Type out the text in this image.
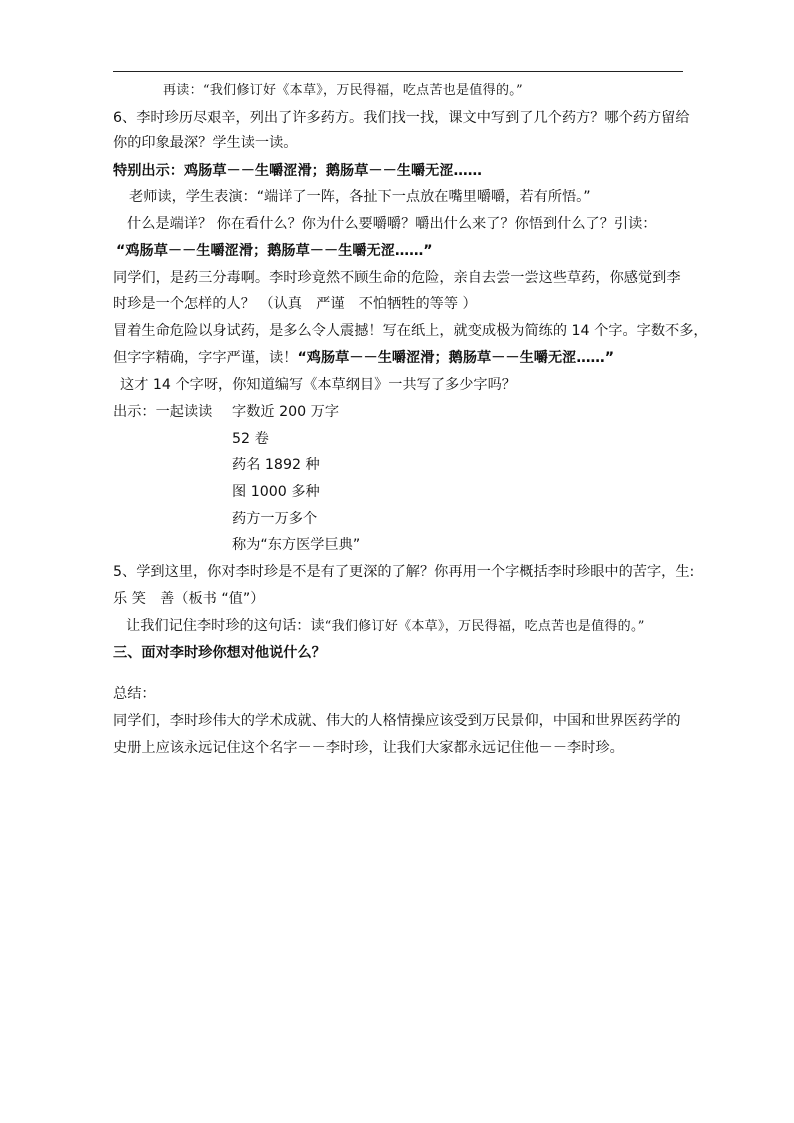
再读：“我们修订好《本草》，万民得福，吃点苦也是值得的。”
6、李时珍历尽艰辛，列出了许多药方。我们找一找，课文中写到了几个药方？哪个药方留给
你的印象最深？学生读一读。
特别出示：鸡肠草－－生嚼涩滑；鹅肠草－－生嚼无涩……
老师读，学生表演：“端详了一阵，各扯下一点放在嘴里嚼嚼，若有所悟。”
什么是端详？ 你在看什么？你为什么要嚼嚼？嚼出什么来了？你悟到什么了？引读：
“鸡肠草－－生嚼涩滑；鹅肠草－－生嚼无涩……”
同学们，是药三分毒啊。李时珍竟然不顾生命的危险，亲自去尝一尝这些草药，你感觉到李
时珍是一个怎样的人？ （认真　严谨　不怕牺牲的等等 ）
冒着生命危险以身试药，是多么令人震撼！写在纸上，就变成极为简练的 14 个字。字数不多，
但字字精确，字字严谨，读！“鸡肠草－－生嚼涩滑；鹅肠草－－生嚼无涩……”
这才 14 个字呀，你知道编写《本草纲目》一共写了多少字吗？
出示：一起读读 字数近 200 万字
52 卷
药名 1892 种
图 1000 多种
药方一万多个
称为“东方医学巨典”
5、学到这里，你对李时珍是不是有了更深的了解？你再用一个字概括李时珍眼中的苦字，生:
乐 笑　善（板书 “值”）
让我们记住李时珍的这句话：读“我们修订好《本草》，万民得福，吃点苦也是值得的。”
三、面对李时珍你想对他说什么？
总结：
同学们，李时珍伟大的学术成就、伟大的人格情操应该受到万民景仰，中国和世界医药学的
史册上应该永远记住这个名字－－李时珍，让我们大家都永远记住他－－李时珍。
